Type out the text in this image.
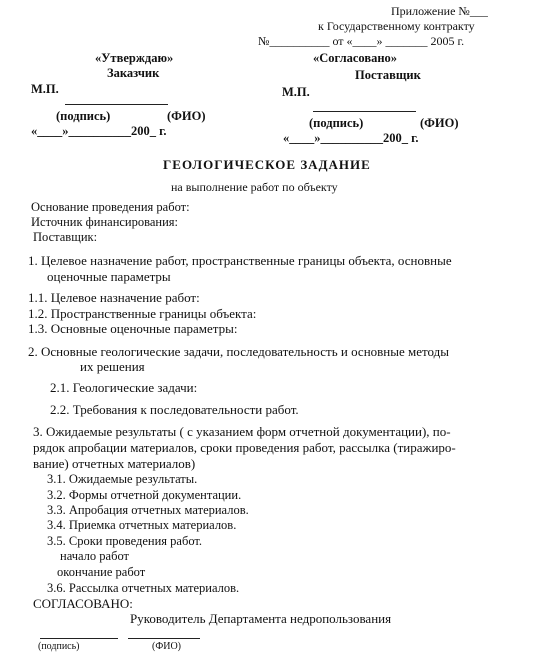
Приложение №___
к Государственному контракту
№__________ от «____» _______ 2005 г.
«Утверждаю»
Заказчик
М.П.
(подпись)	(ФИО)
«____»__________200_ г.
«Согласовано»
Поставщик
М.П.
(подпись)	(ФИО)
«____»__________200_ г.
ГЕОЛОГИЧЕСКОЕ ЗАДАНИЕ
на выполнение работ по объекту
Основание проведения работ:
Источник финансирования:
Поставщик:
1. Целевое назначение работ, пространственные границы объекта, основные
оценочные параметры
1.1. Целевое назначение работ:
1.2. Пространственные границы объекта:
1.3. Основные оценочные параметры:
2. Основные геологические задачи, последовательность и основные методы
их решения
2.1. Геологические задачи:
2.2. Требования к последовательности работ.
3. Ожидаемые результаты ( с указанием форм отчетной документации), по-
рядок апробации материалов, сроки проведения работ, рассылка (тиражиро-
вание) отчетных материалов)
3.1. Ожидаемые результаты.
3.2. Формы отчетной документации.
3.3. Апробация отчетных материалов.
3.4. Приемка отчетных материалов.
3.5. Сроки проведения работ.
начало работ
окончание работ
3.6. Рассылка отчетных материалов.
СОГЛАСОВАНО:
Руководитель Департамента недропользования
(подпись)	(ФИО)
